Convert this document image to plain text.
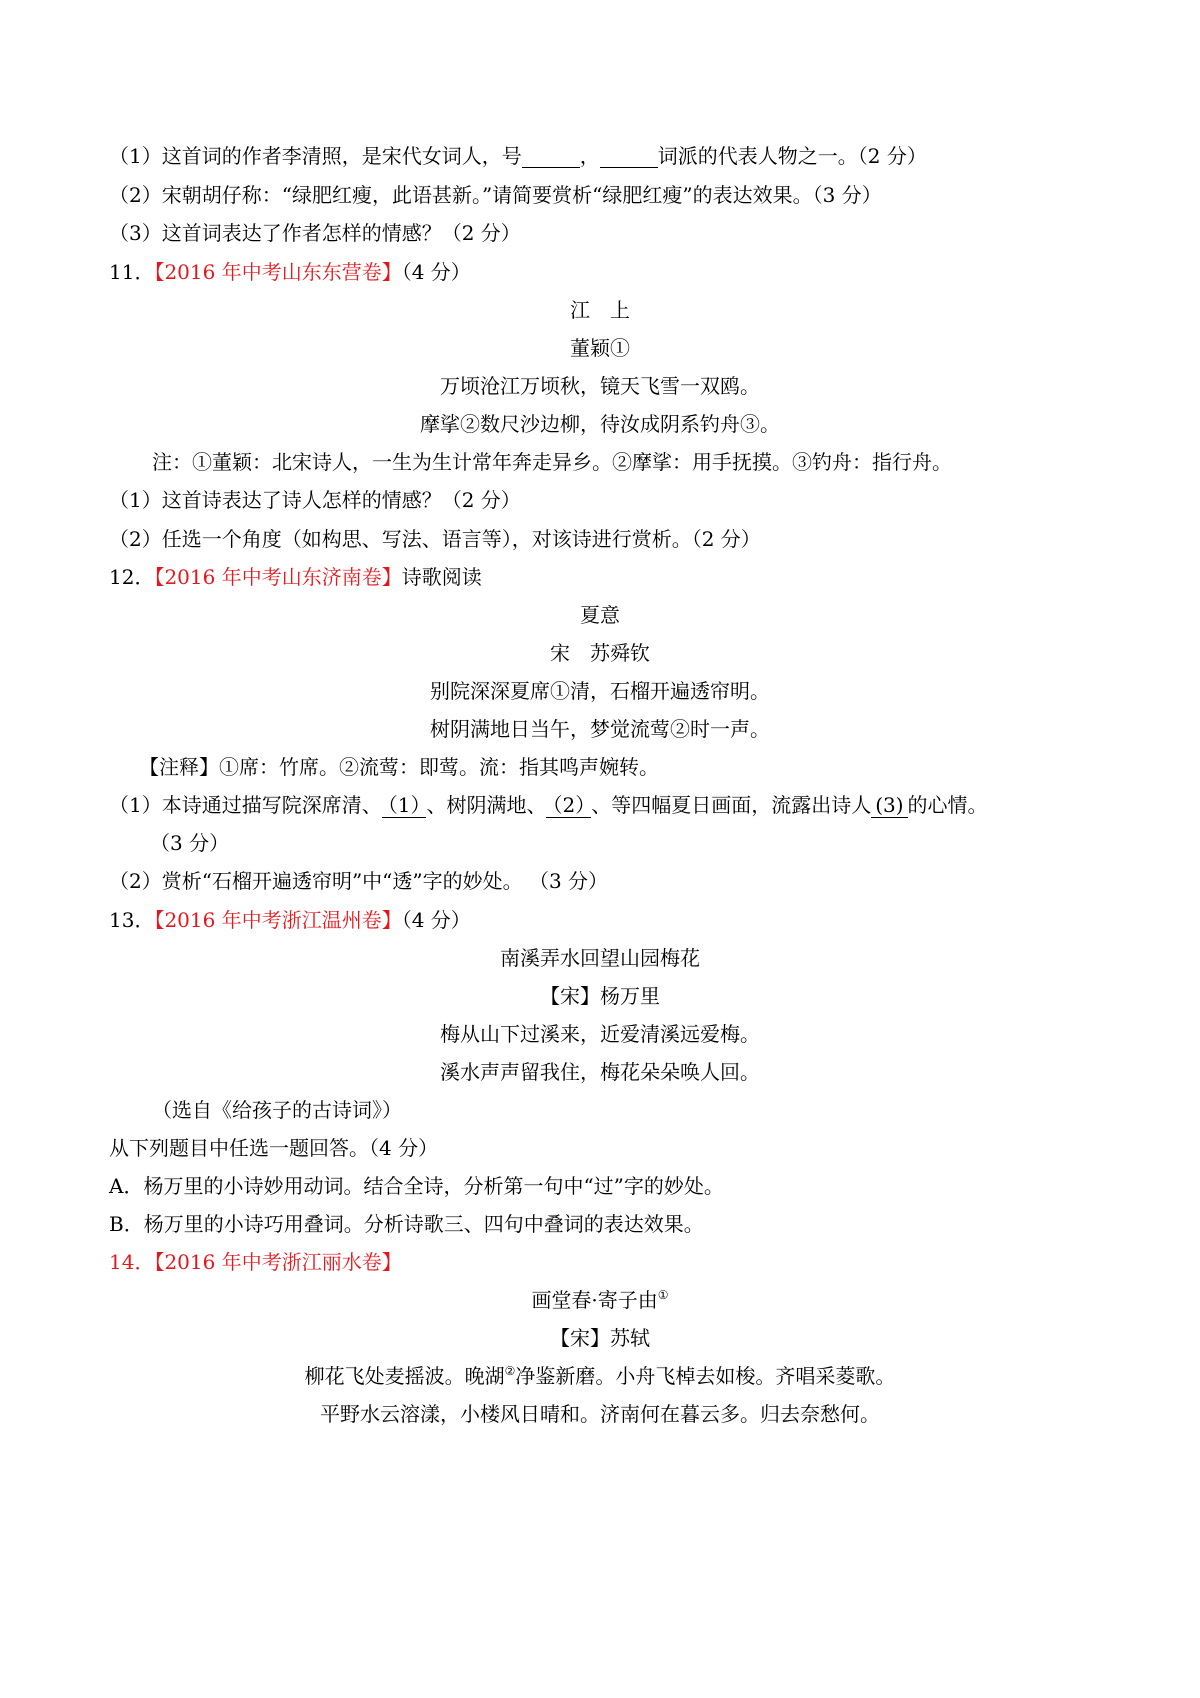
（1）这首词的作者李清照，是宋代女词人，号	，	词派的代表人物之一。（2 分）
（2）宋朝胡仔称：“绿肥红瘦，此语甚新。”请简要赏析“绿肥红瘦”的表达效果。（3 分）
（3）这首词表达了作者怎样的情感？（2 分）
11．【2016 年中考山东东营卷】（4 分）
江　上
董颖①
万顷沧江万顷秋，镜天飞雪一双鸥。
摩挲②数尺沙边柳，待汝成阴系钓舟③。
注：①董颖：北宋诗人，一生为生计常年奔走异乡。②摩挲：用手抚摸。③钓舟：指行舟。
（1）这首诗表达了诗人怎样的情感？（2 分）
（2）任选一个角度（如构思、写法、语言等），对该诗进行赏析。（2 分）
12．【2016 年中考山东济南卷】诗歌阅读
夏意
宋　苏舜钦
别院深深夏席①清，石榴开遍透帘明。
树阴满地日当午，梦觉流莺②时一声。
【注释】①席：竹席。②流莺：即莺。流：指其鸣声婉转。
（1）本诗通过描写院深席清、 （1） 、树阴满地、 （2） 、等四幅夏日画面，流露出诗人 (3) 的心情。
（3 分）
（2）赏析“石榴开遍透帘明”中“透”字的妙处。 （3 分）
13．【2016 年中考浙江温州卷】（4 分）
南溪弄水回望山园梅花
【宋】杨万里
梅从山下过溪来，近爱清溪远爱梅。
溪水声声留我住，梅花朵朵唤人回。
（选自《给孩子的古诗词》）
从下列题目中任选一题回答。（4 分）
A．杨万里的小诗妙用动词。结合全诗，分析第一句中“过”字的妙处。
B．杨万里的小诗巧用叠词。分析诗歌三、四句中叠词的表达效果。
14．【2016 年中考浙江丽水卷】
画堂春·寄子由①
【宋】苏轼
柳花飞处麦摇波。晚湖②净鉴新磨。小舟飞棹去如梭。齐唱采菱歌。
平野水云溶漾，小楼风日晴和。济南何在暮云多。归去奈愁何。
